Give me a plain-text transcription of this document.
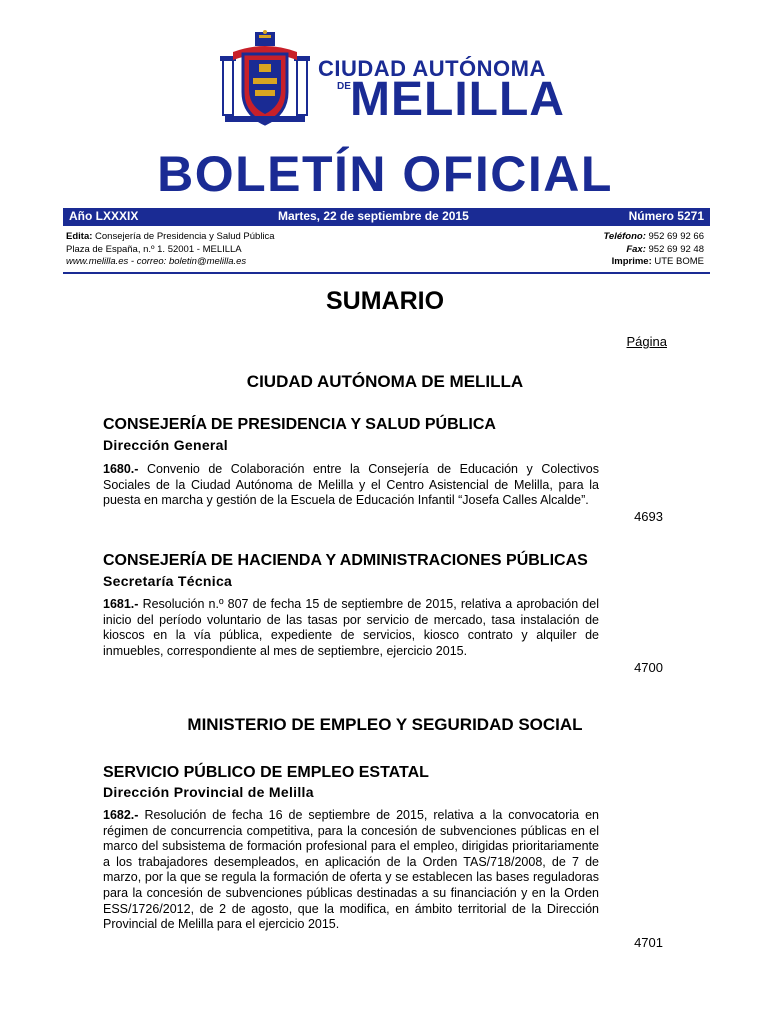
CIUDAD AUTÓNOMA
DE MELILLA
BOLETÍN OFICIAL
Año LXXXIX	Martes, 22 de septiembre de 2015	Número 5271
Edita: Consejería de Presidencia y Salud Pública
Plaza de España, n.º 1. 52001 - MELILLA
www.melilla.es - correo: boletin@melilla.es
Teléfono: 952 69 92 66
Fax: 952 69 92 48
Imprime: UTE BOME
SUMARIO
Página
CIUDAD AUTÓNOMA DE MELILLA
CONSEJERÍA DE PRESIDENCIA Y SALUD PÚBLICA
Dirección General
1680.- Convenio de Colaboración entre la Consejería de Educación y Colectivos Sociales de la Ciudad Autónoma de Melilla y el Centro Asistencial de Melilla, para la puesta en marcha y gestión de la Escuela de Educación Infantil “Josefa Calles Alcalde”.
4693
CONSEJERÍA DE HACIENDA Y ADMINISTRACIONES PÚBLICAS
Secretaría Técnica
1681.- Resolución n.º 807 de fecha 15 de septiembre de 2015, relativa a aprobación del inicio del período voluntario de las tasas por servicio de mercado, tasa instalación de kioscos en la vía pública, expediente de servicios, kiosco contrato y alquiler de inmuebles, correspondiente al mes de septiembre, ejercicio 2015.
4700
MINISTERIO DE EMPLEO Y SEGURIDAD SOCIAL
SERVICIO PÚBLICO DE EMPLEO ESTATAL
Dirección Provincial de Melilla
1682.- Resolución de fecha 16 de septiembre de 2015, relativa a la convocatoria en régimen de concurrencia competitiva, para la concesión de subvenciones públicas en el marco del subsistema de formación profesional para el empleo, dirigidas prioritariamente a los trabajadores desempleados, en aplicación de la Orden TAS/718/2008, de 7 de marzo, por la que se regula la formación de oferta y se establecen las bases reguladoras para la concesión de subvenciones públicas destinadas a su financiación y en la Orden ESS/1726/2012, de 2 de agosto, que la modifica, en ámbito territorial de la Dirección Provincial de Melilla para el ejercicio 2015.
4701
